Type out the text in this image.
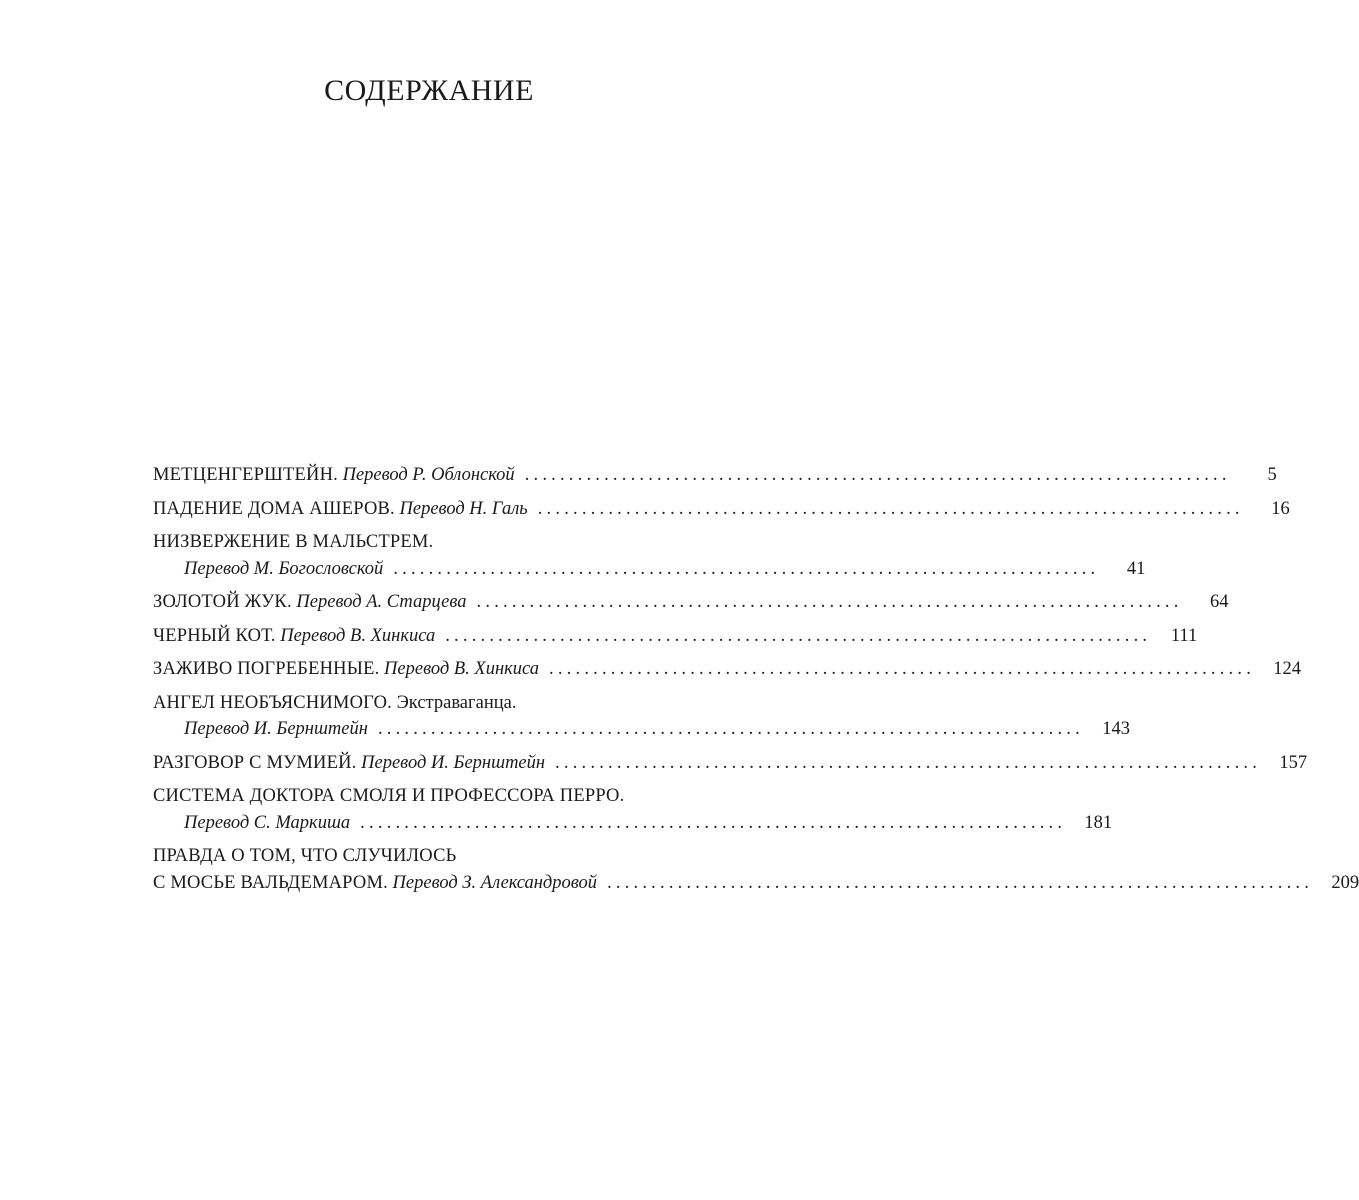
СОДЕРЖАНИЕ
МЕТЦЕНГЕРШТЕЙН. Перевод Р. Облонской ................................................................................	5
ПАДЕНИЕ ДОМА АШЕРОВ. Перевод Н. Галь ................................................................................	16
НИЗВЕРЖЕНИЕ В МАЛЬСТРЕМ.
Перевод М. Богословской ................................................................................	41
ЗОЛОТОЙ ЖУК. Перевод А. Старцева ................................................................................	64
ЧЕРНЫЙ КОТ. Перевод В. Хинкиса ................................................................................	111
ЗАЖИВО ПОГРЕБЕННЫЕ. Перевод В. Хинкиса ................................................................................ 124
АНГЕЛ НЕОБЪЯСНИМОГО. Экстраваганца.
Перевод И. Бернштейн ................................................................................ 143
РАЗГОВОР С МУМИЕЙ. Перевод И. Бернштейн ................................................................................ 157
СИСТЕМА ДОКТОРА СМОЛЯ И ПРОФЕССОРА ПЕРРО.
Перевод С. Маркиша ................................................................................ 181
ПРАВДА О ТОМ, ЧТО СЛУЧИЛОСЬ
С МОСЬЕ ВАЛЬДЕМАРОМ. Перевод З. Александровой ................................................................................ 209
